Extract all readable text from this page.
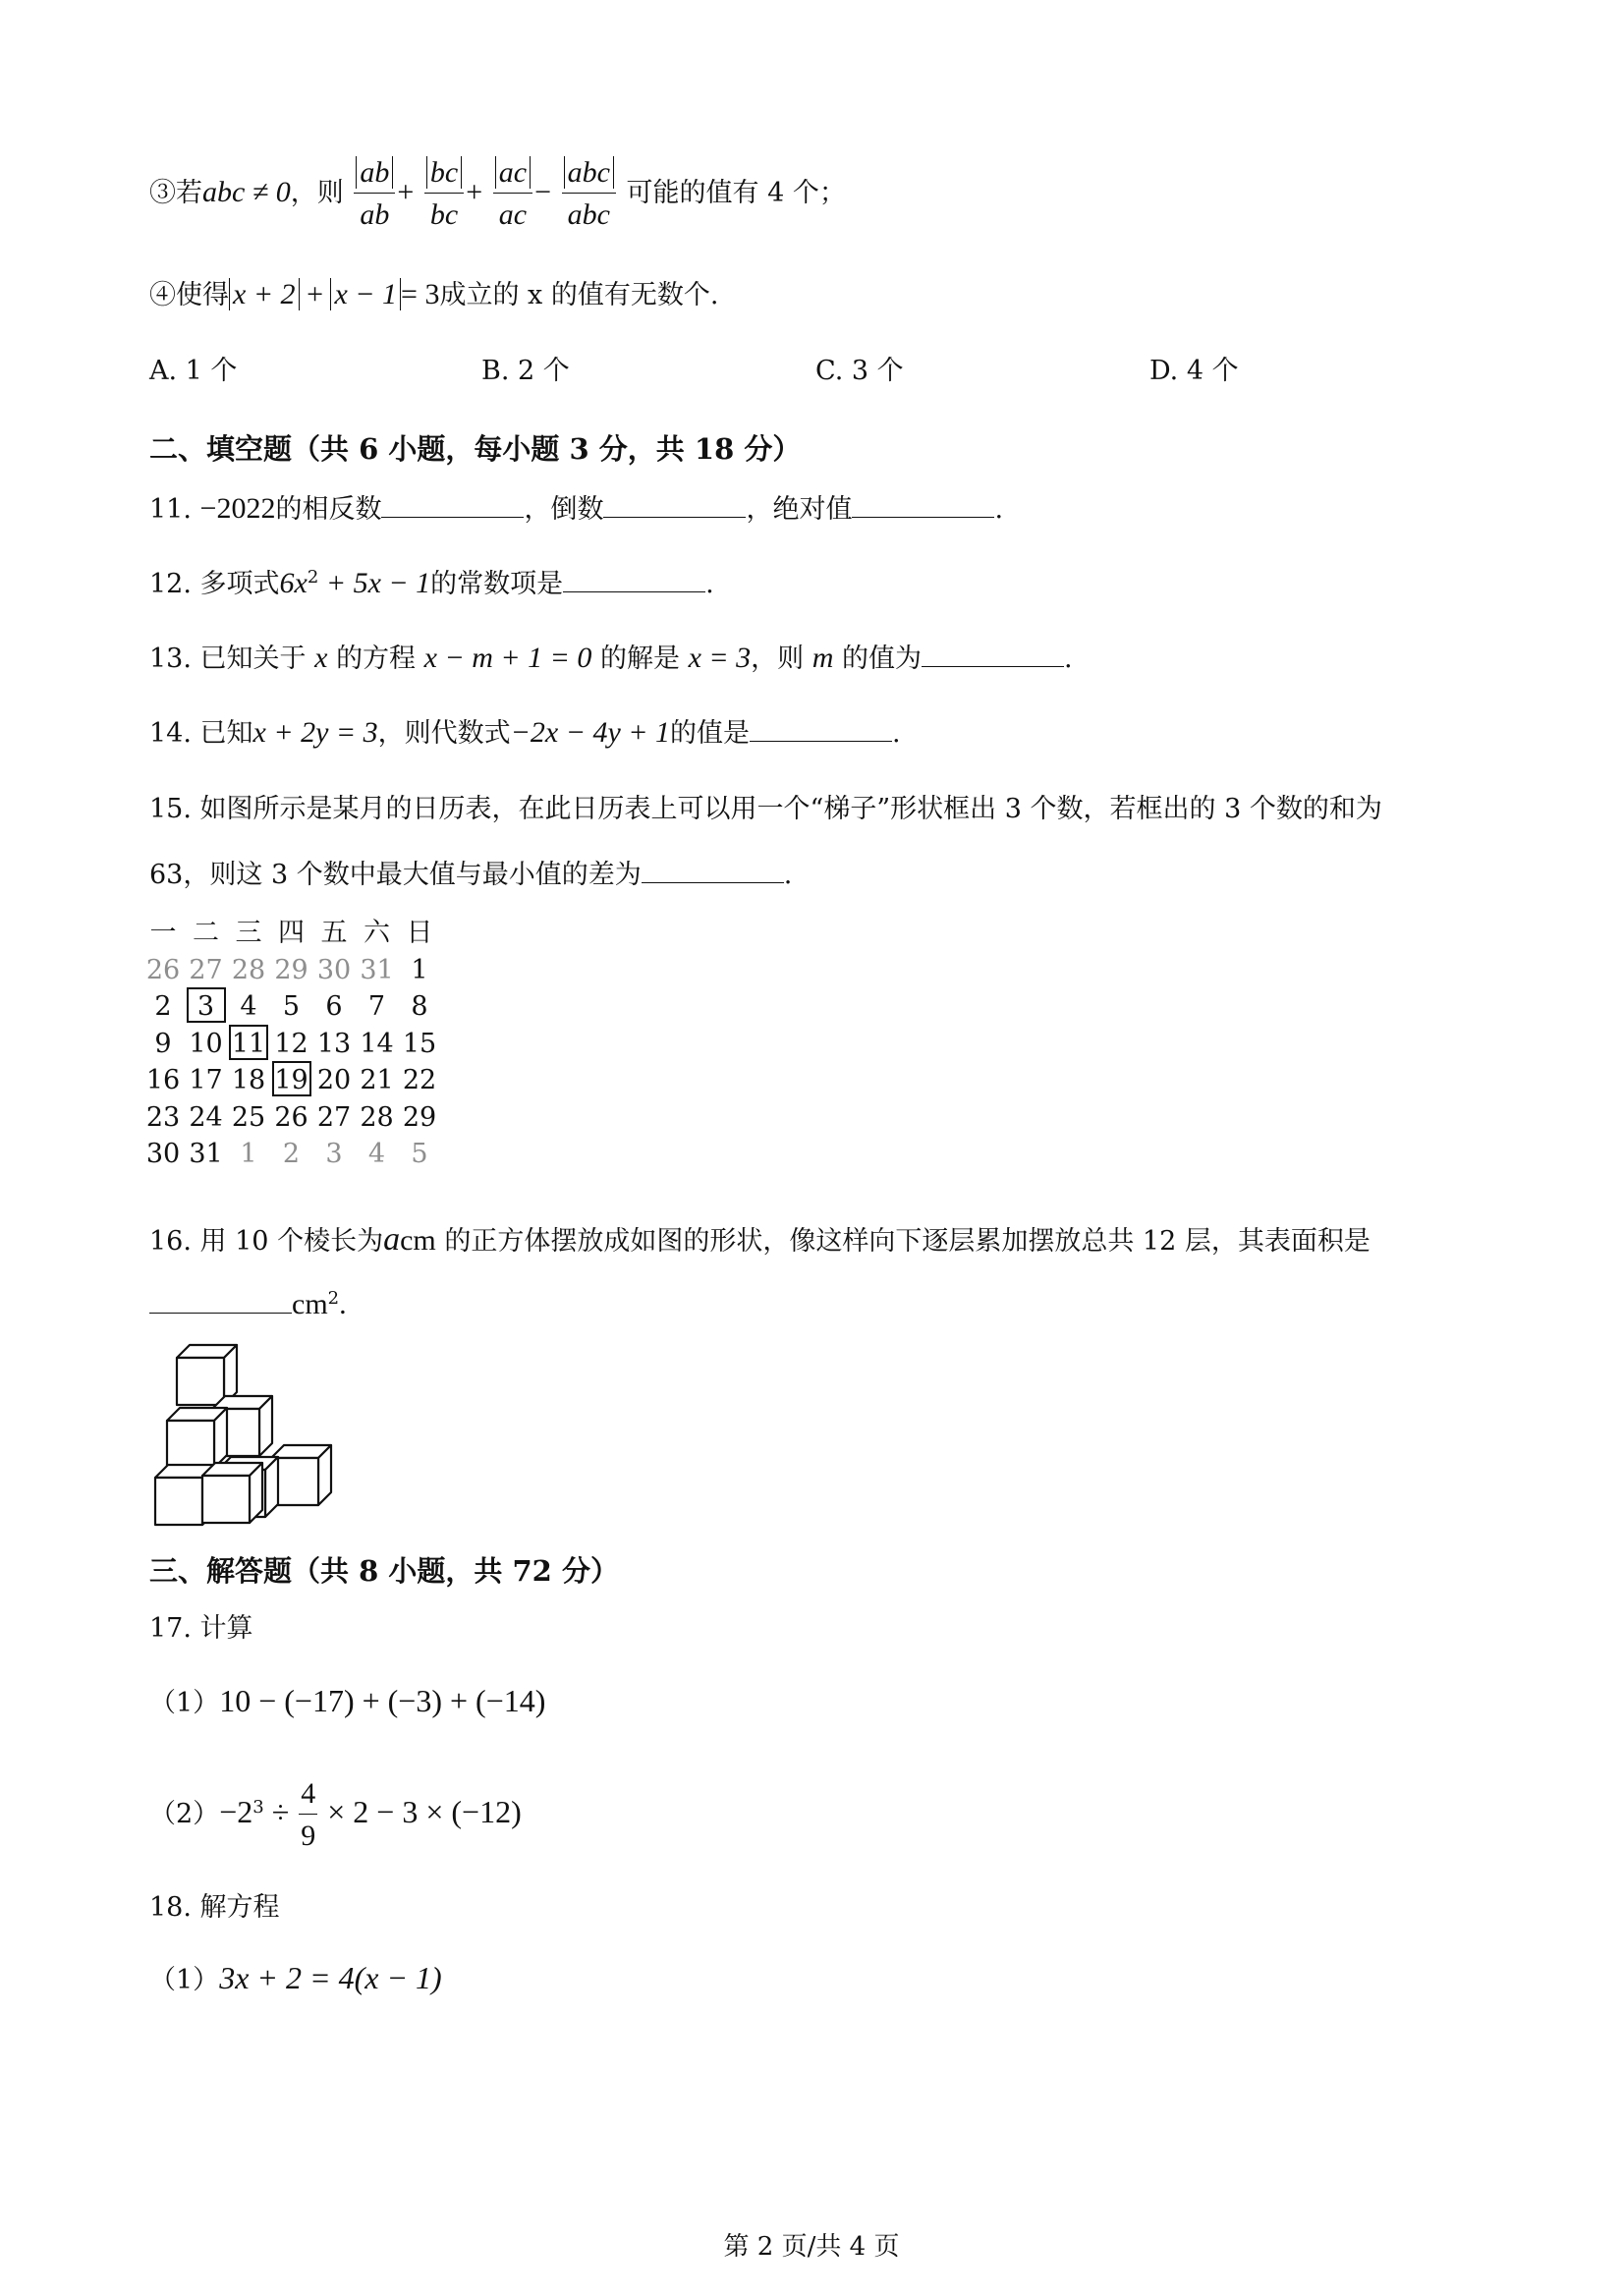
③若abc ≠ 0，则 $\frac{ab}{ab} + \frac{bc}{bc} + \frac{ac}{ac} - \frac{\text{abc}}{\text{abc}}$ 可能的值有 4 个；
④使得 x + 2 + x − 1 = 3成立的 x 的值有无数个.
A. 1 个	B. 2 个	C. 3 个	D. 4 个
二、填空题（共 6 小题，每小题 3 分，共 18 分）
11. −2022的相反数	，倒数	，绝对值	.
12. 多项式$6x^2 + 5x - 1$的常数项是	.
13. 已知关于 x 的方程 x − m + 1 = 0 的解是 x = 3，则 m 的值为	.
14. 已知x + 2y = 3，则代数式−2x − 4y + 1的值是	.
15. 如图所示是某月的日历表，在此日历表上可以用一个“梯子”形状框出 3 个数，若框出的 3 个数的和为
63，则这 3 个数中最大值与最小值的差为	.
一 二 三 四 五 六 日
26 27 28 29 30 31 1
2 3 4 5 6 7 8
9 10 11 12 13 14 15
16 17 18 19 20 21 22
23 24 25 26 27 28 29
30 31 1 2 3 4 5
16. 用 10 个棱长为acm 的正方体摆放成如图的形状，像这样向下逐层累加摆放总共 12 层，其表面积是
$cm^2$.
三、解答题（共 8 小题，共 72 分）
17. 计算
（1）10 − (−17) + (−3) + (−14)
$(2)-2^3 \div \frac{4}{9} \times 2 - 3 \times (-12)$
18. 解方程
（1）3x + 2 = 4(x − 1)
第 2 页/共 4 页
